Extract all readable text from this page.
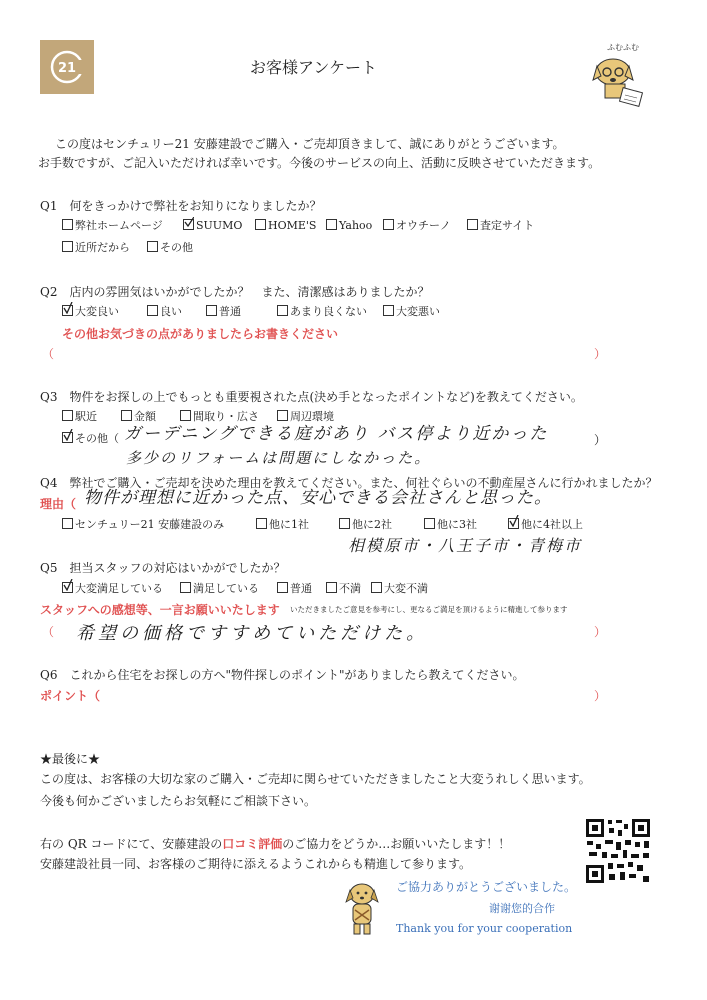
21	お客様アンケート
ふむふむ
この度はセンチュリー21 安藤建設でご購入・ご売却頂きまして、誠にありがとうございます。
お手数ですが、ご記入いただければ幸いです。今後のサービスの向上、活動に反映させていただきます。
Q1　何をきっかけで弊社をお知りになりましたか？
弊社ホームページ	SUUMO	HOME'S	Yahoo	オウチーノ	査定サイト
近所だから	その他
Q2　店内の雰囲気はいかがでしたか？　また、清潔感はありましたか？
大変良い	良い	普通	あまり良くない	大変悪い
その他お気づきの点がありましたらお書きください
（	）
Q3　物件をお探しの上でもっとも重要視された点(決め手となったポイントなど)を教えてください。
駅近	金額	間取り・広さ	周辺環境
その他（ ガーデニングできる庭があり バス停より近かった	）
多少のリフォームは問題にしなかった。
Q4　弊社でご購入・ご売却を決めた理由を教えてください。また、何社ぐらいの不動産屋さんに行かれましたか？
理由（ 物件が理想に近かった点、安心できる会社さんと思った。
センチュリー21 安藤建設のみ	他に1社	他に2社	他に3社	他に4社以上
相模原市・八王子市・青梅市
Q5　担当スタッフの対応はいかがでしたか？
大変満足している	満足している	普通	不満	大変不満
スタッフへの感想等、一言お願いいたします いただきましたご意見を参考にし、更なるご満足を頂けるように精進して参ります
（ 希望の価格ですすめていただけた。	）
Q6　これから住宅をお探しの方へ"物件探しのポイント"がありましたら教えてください。
ポイント（	）
★最後に★
この度は、お客様の大切な家のご購入・ご売却に関らせていただきましたこと大変うれしく思います。
今後も何かございましたらお気軽にご相談下さい。
右の QR コードにて、安藤建設の口コミ評価のご協力をどうか…お願いいたします！！
安藤建設社員一同、お客様のご期待に添えるようこれからも精進して参ります。
ご協力ありがとうございました。
谢谢您的合作
Thank you for your cooperation
